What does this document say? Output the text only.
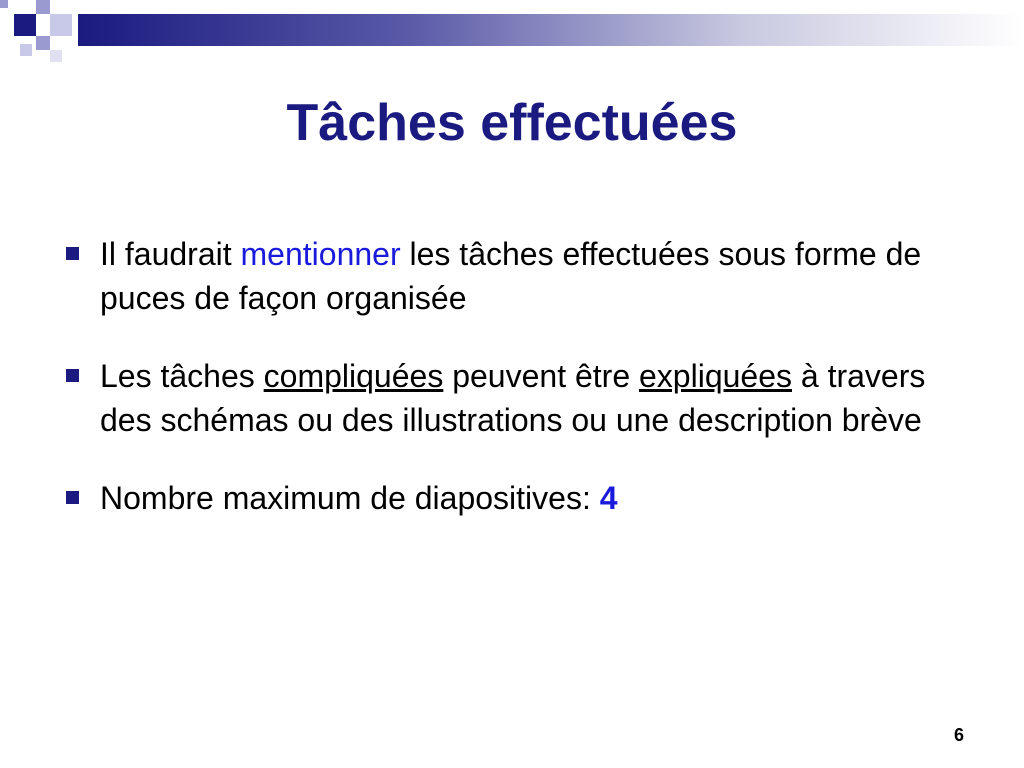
Tâches effectuées
Il faudrait mentionner les tâches effectuées sous forme de puces de façon organisée
Les tâches compliquées peuvent être expliquées à travers des schémas ou des illustrations ou une description brève
Nombre maximum de diapositives: 4
6
